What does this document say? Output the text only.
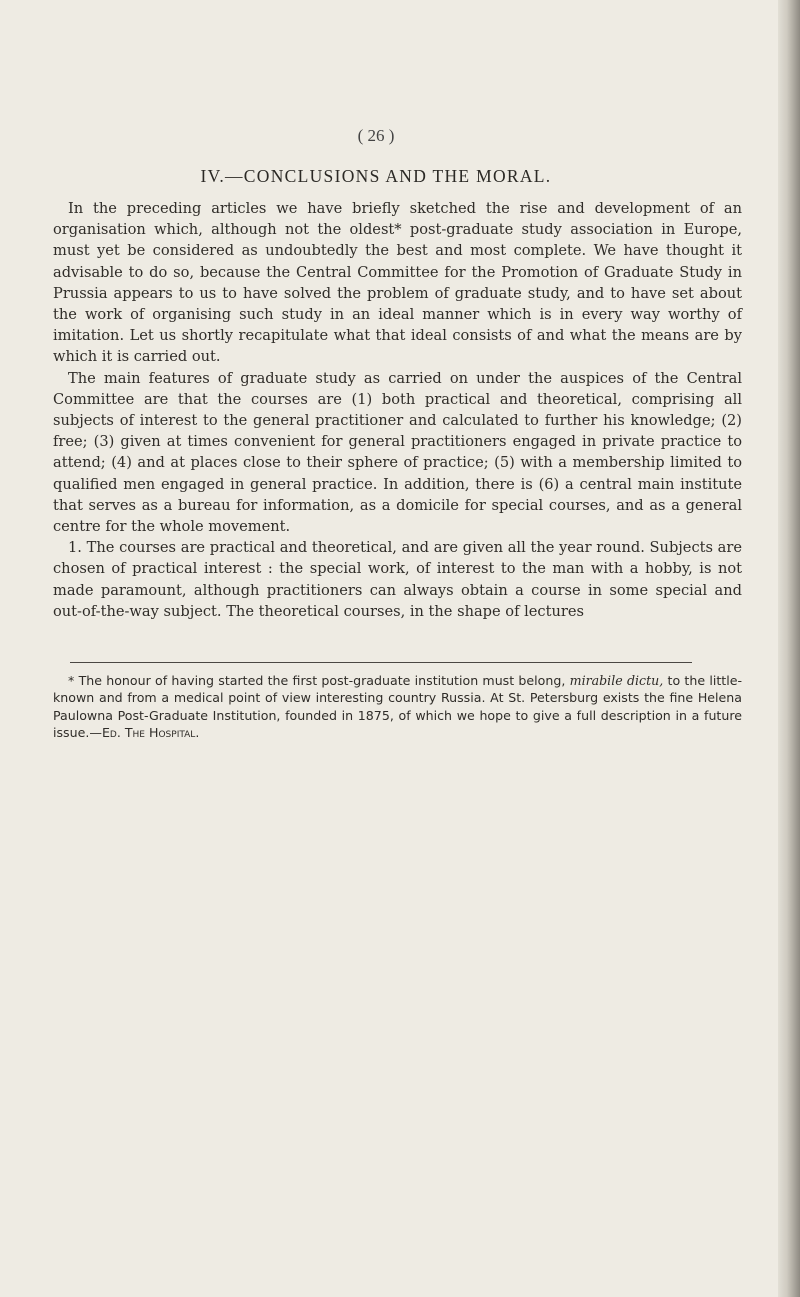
( 26 )
IV.—CONCLUSIONS AND THE MORAL.

In the preceding articles we have briefly sketched the rise and development of an organisation which, although not the oldest* post-graduate study association in Europe, must yet be considered as undoubtedly the best and most complete. We have thought it advisable to do so, because the Central Committee for the Promotion of Graduate Study in Prussia appears to us to have solved the problem of graduate study, and to have set about the work of organising such study in an ideal manner which is in every way worthy of imitation. Let us shortly recapitulate what that ideal consists of and what the means are by which it is carried out.

The main features of graduate study as carried on under the auspices of the Central Committee are that the courses are (1) both practical and theoretical, comprising all subjects of interest to the general practitioner and calculated to further his knowledge; (2) free; (3) given at times convenient for general practitioners engaged in private practice to attend; (4) and at places close to their sphere of practice; (5) with a membership limited to qualified men engaged in general practice. In addition, there is (6) a central main institute that serves as a bureau for information, as a domicile for special courses, and as a general centre for the whole movement.

1. The courses are practical and theoretical, and are given all the year round. Subjects are chosen of practical interest : the special work, of interest to the man with a hobby, is not made paramount, although practitioners can always obtain a course in some special and out-of-the-way subject. The theoretical courses, in the shape of lectures

* The honour of having started the first post-graduate institution must belong, mirabile dictu, to the little-known and from a medical point of view interesting country Russia. At St. Petersburg exists the fine Helena Paulowna Post-Graduate Institution, founded in 1875, of which we hope to give a full description in a future issue.—Ed. The Hospital.
